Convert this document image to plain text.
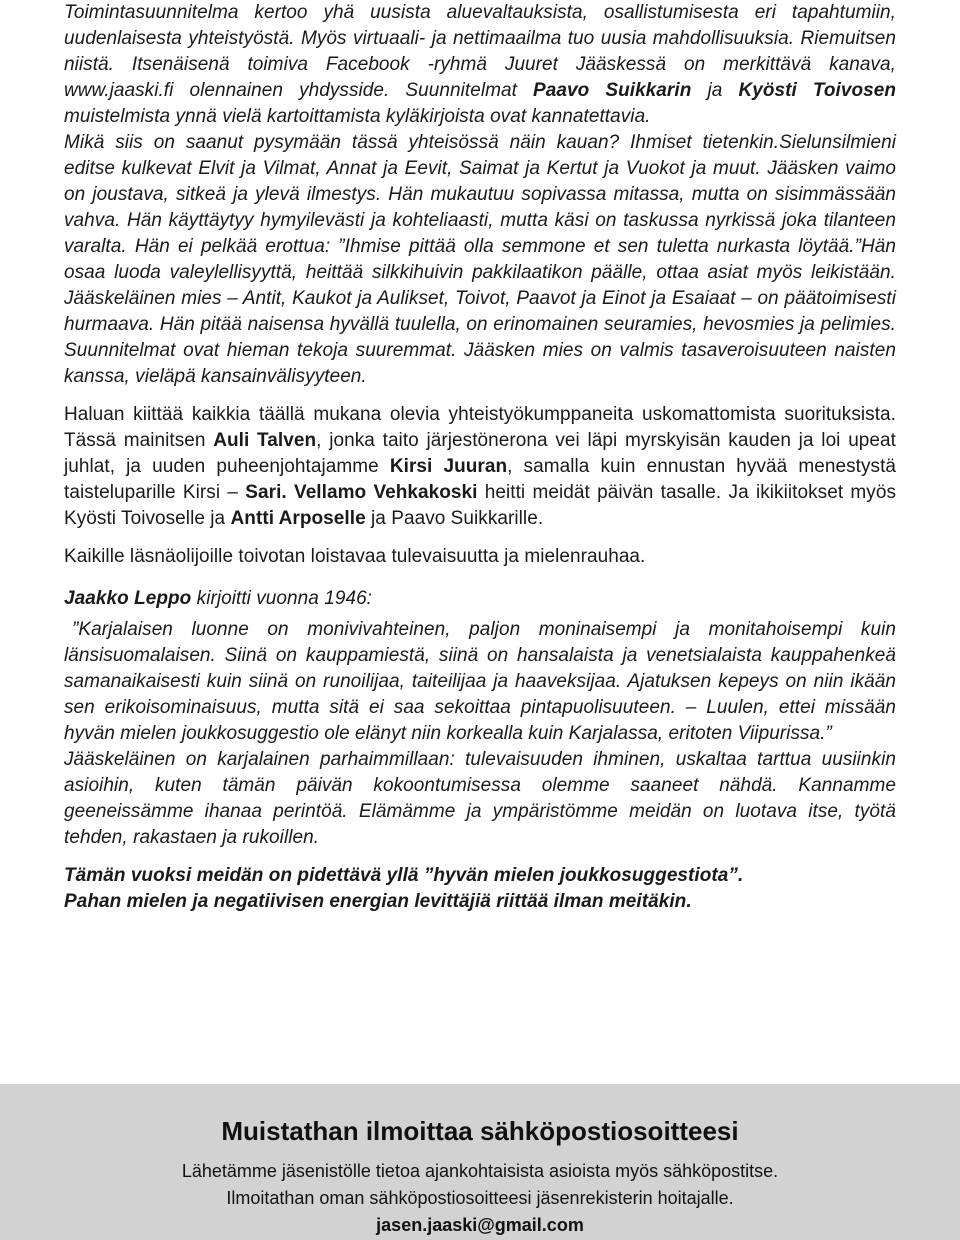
Toimintasuunnitelma kertoo yhä uusista aluevaltauksista, osallistumisesta eri tapahtumiin, uudenlaisesta yhteistyöstä. Myös virtuaali- ja nettimaailma tuo uusia mahdollisuuksia. Riemuitsen niistä. Itsenäisenä toimiva Facebook -ryhmä Juuret Jääskessä on merkittävä kanava, www.jaaski.fi olennainen yhdysside. Suunnitelmat Paavo Suikkarin ja Kyösti Toivosen muistelmista ynnä vielä kartoittamista kyläkirjoista ovat kannatettavia.
Mikä siis on saanut pysymään tässä yhteisössä näin kauan? Ihmiset tietenkin.Sielunsilmieni editse kulkevat Elvit ja Vilmat, Annat ja Eevit, Saimat ja Kertut ja Vuokot ja muut. Jääsken vaimo on joustava, sitkeä ja ylevä ilmestys. Hän mukautuu sopivassa mitassa, mutta on sisimmässään vahva. Hän käyttäytyy hymyilevästi ja kohteliaasti, mutta käsi on taskussa nyrkissä joka tilanteen varalta. Hän ei pelkää erottua: ”Ihmise pittää olla semmone et sen tuletta nurkasta löytää.”Hän osaa luoda valeylellisyyttä, heittää silkkihuivin pakkilaatikon päälle, ottaa asiat myös leikistään. Jääskeläinen mies – Antit, Kaukot ja Aulikset, Toivot, Paavot ja Einot ja Esaiaat – on päätoimisesti hurmaava. Hän pitää naisensa hyvällä tuulella, on erinomainen seuramies, hevosmies ja pelimies. Suunnitelmat ovat hieman tekoja suuremmat. Jääsken mies on valmis tasaveroisuuteen naisten kanssa, vieläpä kansainvälisyyteen.

Haluan kiittää kaikkia täällä mukana olevia yhteistyökumppaneita uskomattomista suorituksista. Tässä mainitsen Auli Talven, jonka taito järjestönerona vei läpi myrskyisän kauden ja loi upeat juhlat, ja uuden puheenjohtajamme Kirsi Juuran, samalla kuin ennustan hyvää menestystä taisteluparille Kirsi – Sari. Vellamo Vehkakoski heitti meidät päivän tasalle. Ja ikikiitokset myös Kyösti Toivoselle ja Antti Arposelle ja Paavo Suikkarille.

Kaikille läsnäolijoille toivotan loistavaa tulevaisuutta ja mielenrauhaa.

Jaakko Leppo kirjoitti vuonna 1946:

”Karjalaisen luonne on monivivahteinen, paljon moninaisempi ja monitahoisempi kuin länsisuomalaisen. Siinä on kauppamiestä, siinä on hansalaista ja venetsialaista kauppahenkeä samanaikaisesti kuin siinä on runoilijaa, taiteilijaa ja haaveksijaa. Ajatuksen kepeys on niin ikään sen erikoisominaisuus, mutta sitä ei saa sekoittaa pintapuolisuuteen. – Luulen, ettei missään hyvän mielen joukkosuggestio ole elänyt niin korkealla kuin Karjalassa, eritoten Viipurissa.”

Jääskeläinen on karjalainen parhaimmillaan: tulevaisuuden ihminen, uskaltaa tarttua uusiinkin asioihin, kuten tämän päivän kokoontumisessa olemme saaneet nähdä. Kannamme geeneissämme ihanaa perintöä. Elämämme ja ympäristömme meidän on luotava itse, työtä tehden, rakastaen ja rukoillen.

Tämän vuoksi meidän on pidettävä yllä ”hyvän mielen joukkosuggestiota”.
Pahan mielen ja negatiivisen energian levittäjiä riittää ilman meitäkin.

Muistathan ilmoittaa sähköpostiosoitteesi
Lähetämme jäsenistölle tietoa ajankohtaisista asioista myös sähköpostitse.
Ilmoitathan oman sähköpostiosoitteesi jäsenrekisterin hoitajalle.
jasen.jaaski@gmail.com
